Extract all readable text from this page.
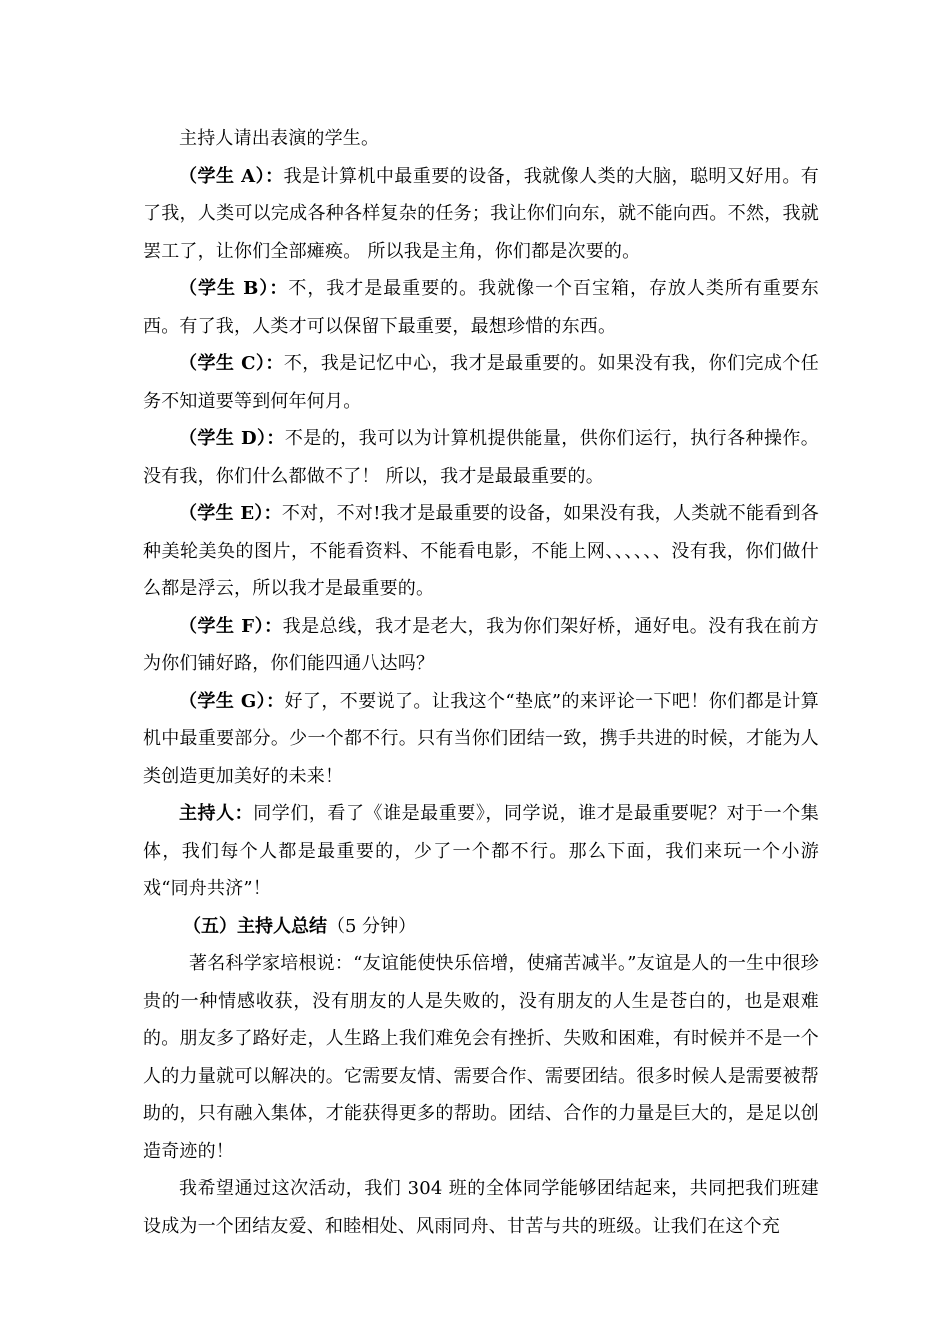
主持人请出表演的学生。

（学生 A）：我是计算机中最重要的设备，我就像人类的大脑，聪明又好用。有了我，人类可以完成各种各样复杂的任务；我让你们向东，就不能向西。不然，我就罢工了，让你们全部瘫痪。 所以我是主角，你们都是次要的。

（学生 B）：不，我才是最重要的。我就像一个百宝箱，存放人类所有重要东西。有了我，人类才可以保留下最重要，最想珍惜的东西。

（学生 C）：不，我是记忆中心，我才是最重要的。如果没有我，你们完成个任务不知道要等到何年何月。

（学生 D）：不是的，我可以为计算机提供能量，供你们运行，执行各种操作。没有我，你们什么都做不了！ 所以，我才是最最重要的。

（学生 E）：不对，不对!我才是最重要的设备，如果没有我，人类就不能看到各种美轮美奂的图片，不能看资料、不能看电影，不能上网、、、、、、没有我，你们做什么都是浮云，所以我才是最重要的。

（学生 F）：我是总线，我才是老大，我为你们架好桥，通好电。没有我在前方为你们铺好路，你们能四通八达吗？

（学生 G）：好了，不要说了。让我这个“垫底”的来评论一下吧！你们都是计算机中最重要部分。少一个都不行。只有当你们团结一致，携手共进的时候，才能为人类创造更加美好的未来！

主持人：同学们，看了《谁是最重要》，同学说，谁才是最重要呢？对于一个集体，我们每个人都是最重要的，少了一个都不行。那么下面，我们来玩一个小游戏“同舟共济”！

（五）主持人总结（5 分钟）

著名科学家培根说：“友谊能使快乐倍增，使痛苦减半。”友谊是人的一生中很珍贵的一种情感收获，没有朋友的人是失败的，没有朋友的人生是苍白的，也是艰难的。朋友多了路好走，人生路上我们难免会有挫折、失败和困难，有时候并不是一个人的力量就可以解决的。它需要友情、需要合作、需要团结。很多时候人是需要被帮助的，只有融入集体，才能获得更多的帮助。团结、合作的力量是巨大的，是足以创造奇迹的！

我希望通过这次活动，我们 304 班的全体同学能够团结起来，共同把我们班建设成为一个团结友爱、和睦相处、风雨同舟、甘苦与共的班级。让我们在这个充
